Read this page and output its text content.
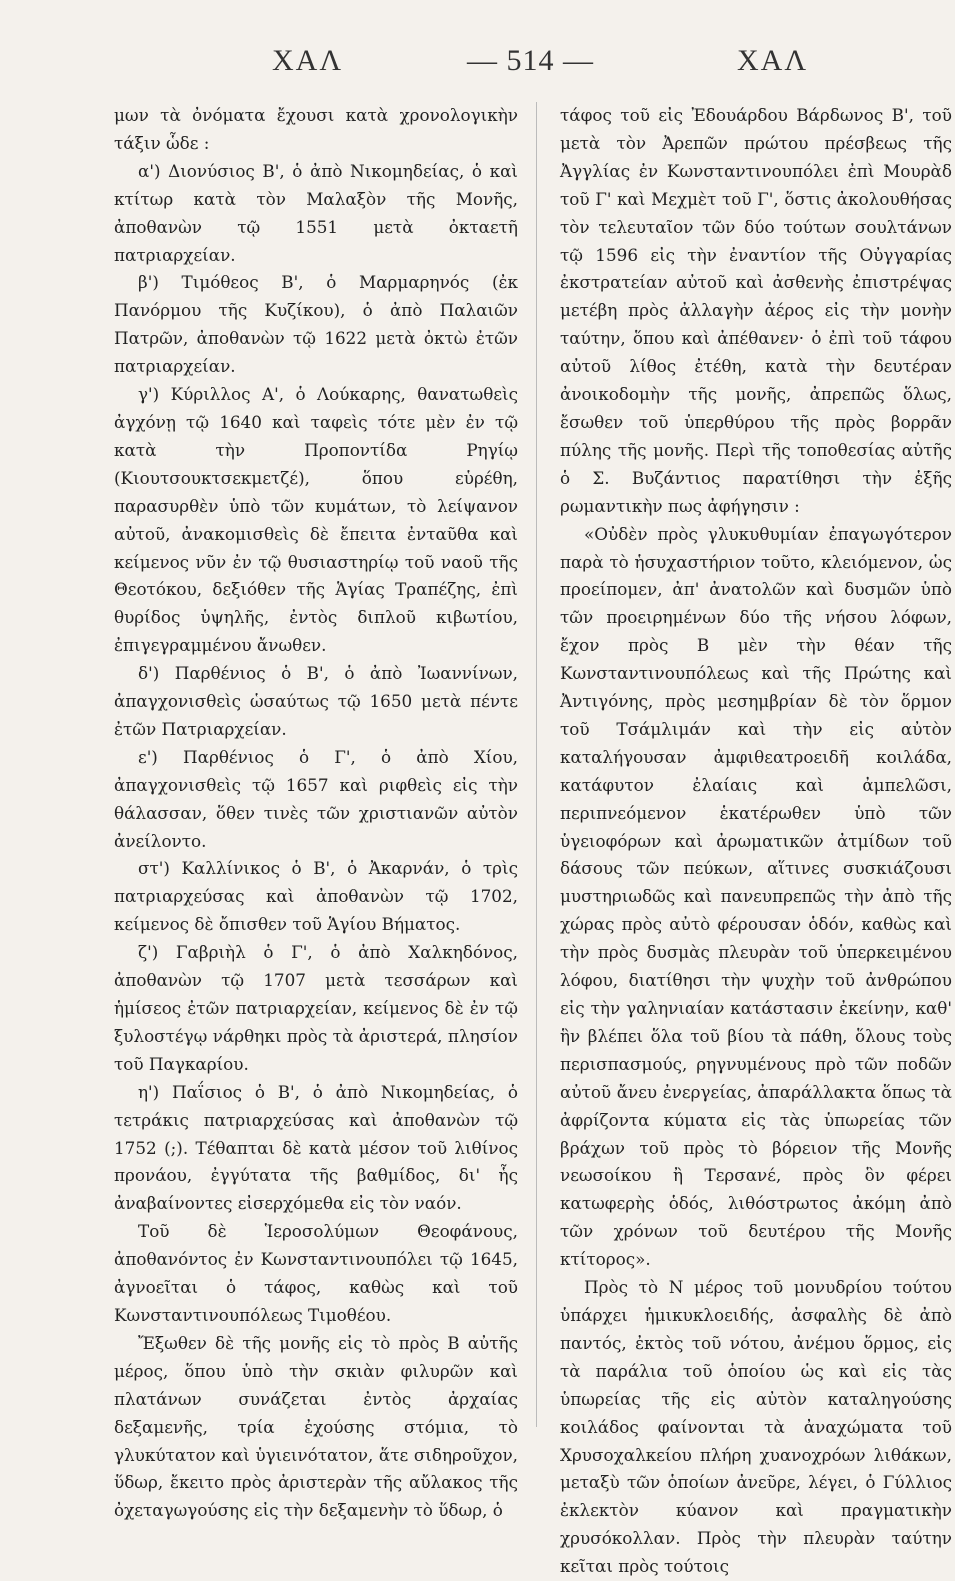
ΧΑΛ	— 514 —	ΧΑΛ

μων τὰ ὀνόματα ἔχουσι κατὰ χρονολογικὴν τάξιν ὧδε :

α') Διονύσιος Β', ὁ ἀπὸ Νικομηδείας, ὁ καὶ κτίτωρ κατὰ τὸν Μαλαξὸν τῆς Μονῆς, ἀποθανὼν τῷ 1551 μετὰ ὀκταετῆ πατριαρχείαν.

β') Τιμόθεος Β', ὁ Μαρμαρηνός (ἐκ Πανόρμου τῆς Κυζίκου), ὁ ἀπὸ Παλαιῶν Πατρῶν, ἀποθανὼν τῷ 1622 μετὰ ὀκτὼ ἐτῶν πατριαρχείαν.

γ') Κύριλλος Α', ὁ Λούκαρης, θανατωθεὶς ἀγχόνῃ τῷ 1640 καὶ ταφεὶς τότε μὲν ἐν τῷ κατὰ τὴν Προποντίδα Ρηγίῳ (Κιουτσουκτσεκμετζέ), ὅπου εὑρέθη, παρασυρθὲν ὑπὸ τῶν κυμάτων, τὸ λείψανον αὐτοῦ, ἀνακομισθεὶς δὲ ἔπειτα ἐνταῦθα καὶ κείμενος νῦν ἐν τῷ θυσιαστηρίῳ τοῦ ναοῦ τῆς Θεοτόκου, δεξιόθεν τῆς Ἁγίας Τραπέζης, ἐπὶ θυρίδος ὑψηλῆς, ἐντὸς διπλοῦ κιβωτίου, ἐπιγεγραμμένου ἄνωθεν.

δ') Παρθένιος ὁ Β', ὁ ἀπὸ Ἰωαννίνων, ἀπαγχονισθεὶς ὡσαύτως τῷ 1650 μετὰ πέντε ἐτῶν Πατριαρχείαν.

ε') Παρθένιος ὁ Γ', ὁ ἀπὸ Χίου, ἀπαγχονισθεὶς τῷ 1657 καὶ ριφθεὶς εἰς τὴν θάλασσαν, ὅθεν τινὲς τῶν χριστιανῶν αὐτὸν ἀνείλοντο.

στ') Καλλίνικος ὁ Β', ὁ Ἀκαρνάν, ὁ τρὶς πατριαρχεύσας καὶ ἀποθανὼν τῷ 1702, κείμενος δὲ ὄπισθεν τοῦ Ἁγίου Βήματος.

ζ') Γαβριὴλ ὁ Γ', ὁ ἀπὸ Χαλκηδόνος, ἀποθανὼν τῷ 1707 μετὰ τεσσάρων καὶ ἡμίσεος ἐτῶν πατριαρχείαν, κείμενος δὲ ἐν τῷ ξυλοστέγῳ νάρθηκι πρὸς τὰ ἀριστερά, πλησίον τοῦ Παγκαρίου.

η') Παΐσιος ὁ Β', ὁ ἀπὸ Νικομηδείας, ὁ τετράκις πατριαρχεύσας καὶ ἀποθανὼν τῷ 1752 (;). Τέθαπται δὲ κατὰ μέσον τοῦ λιθίνος προνάου, ἐγγύτατα τῆς βαθμίδος, δι' ἧς ἀναβαίνοντες εἰσερχόμεθα εἰς τὸν ναόν.

Τοῦ δὲ Ἱεροσολύμων Θεοφάνους, ἀποθανόντος ἐν Κωνσταντινουπόλει τῷ 1645, ἀγνοεῖται ὁ τάφος, καθὼς καὶ τοῦ Κωνσταντινουπόλεως Τιμοθέου.

Ἔξωθεν δὲ τῆς μονῆς εἰς τὸ πρὸς Β αὐτῆς μέρος, ὅπου ὑπὸ τὴν σκιὰν φιλυρῶν καὶ πλατάνων συνάζεται ἐντὸς ἀρχαίας δεξαμενῆς, τρία ἐχούσης στόμια, τὸ γλυκύτατον καὶ ὑγιεινότατον, ἅτε σιδηροῦχον, ὕδωρ, ἔκειτο πρὸς ἀριστερὰν τῆς αὔλακος τῆς ὀχεταγωγούσης εἰς τὴν δεξαμενὴν τὸ ὕδωρ, ὁ

τάφος τοῦ εἰς Ἐδουάρδου Βάρδωνος Β', τοῦ μετὰ τὸν Ἀρεπῶν πρώτου πρέσβεως τῆς Ἀγγλίας ἐν Κωνσταντινουπόλει ἐπὶ Μουρὰδ τοῦ Γ' καὶ Μεχμὲτ τοῦ Γ', ὅστις ἀκολουθήσας τὸν τελευταῖον τῶν δύο τούτων σουλτάνων τῷ 1596 εἰς τὴν ἐναντίον τῆς Οὐγγαρίας ἐκστρατείαν αὐτοῦ καὶ ἀσθενὴς ἐπιστρέψας μετέβη πρὸς ἀλλαγὴν ἀέρος εἰς τὴν μονὴν ταύτην, ὅπου καὶ ἀπέθανεν· ὁ ἐπὶ τοῦ τάφου αὐτοῦ λίθος ἐτέθη, κατὰ τὴν δευτέραν ἀνοικοδομὴν τῆς μονῆς, ἀπρεπῶς ὅλως, ἔσωθεν τοῦ ὑπερθύρου τῆς πρὸς βορρᾶν πύλης τῆς μονῆς. Περὶ τῆς τοποθεσίας αὐτῆς ὁ Σ. Βυζάντιος παρατίθησι τὴν ἑξῆς ρωμαντικὴν πως ἀφήγησιν :

«Οὐδὲν πρὸς γλυκυθυμίαν ἐπαγωγότερον παρὰ τὸ ἡσυχαστήριον τοῦτο, κλειόμενον, ὡς προείπομεν, ἀπ' ἀνατολῶν καὶ δυσμῶν ὑπὸ τῶν προειρημένων δύο τῆς νήσου λόφων, ἔχον πρὸς Β μὲν τὴν θέαν τῆς Κωνσταντινουπόλεως καὶ τῆς Πρώτης καὶ Ἀντιγόνης, πρὸς μεσημβρίαν δὲ τὸν ὅρμον τοῦ Τσάμλιμάν καὶ τὴν εἰς αὐτὸν καταλήγουσαν ἀμφιθεατροειδῆ κοιλάδα, κατάφυτον ἐλαίαις καὶ ἀμπελῶσι, περιπνεόμενον ἑκατέρωθεν ὑπὸ τῶν ὑγειοφόρων καὶ ἀρωματικῶν ἀτμίδων τοῦ δάσους τῶν πεύκων, αἵτινες συσκιάζουσι μυστηριωδῶς καὶ πανευπρεπῶς τὴν ἀπὸ τῆς χώρας πρὸς αὐτὸ φέρουσαν ὁδόν, καθὼς καὶ τὴν πρὸς δυσμὰς πλευρὰν τοῦ ὑπερκειμένου λόφου, διατίθησι τὴν ψυχὴν τοῦ ἀνθρώπου εἰς τὴν γαληνιαίαν κατάστασιν ἐκείνην, καθ' ἣν βλέπει ὅλα τοῦ βίου τὰ πάθη, ὅλους τοὺς περισπασμούς, ρηγνυμένους πρὸ τῶν ποδῶν αὐτοῦ ἄνευ ἐνεργείας, ἀπαράλλακτα ὅπως τὰ ἀφρίζοντα κύματα εἰς τὰς ὑπωρείας τῶν βράχων τοῦ πρὸς τὸ βόρειον τῆς Μονῆς νεωσοίκου ἢ Τερσανέ, πρὸς ὃν φέρει κατωφερὴς ὁδός, λιθόστρωτος ἀκόμη ἀπὸ τῶν χρόνων τοῦ δευτέρου τῆς Μονῆς κτίτορος».

Πρὸς τὸ Ν μέρος τοῦ μονυδρίου τούτου ὑπάρχει ἡμικυκλοειδής, ἀσφαλὴς δὲ ἀπὸ παντός, ἐκτὸς τοῦ νότου, ἀνέμου ὅρμος, εἰς τὰ παράλια τοῦ ὁποίου ὡς καὶ εἰς τὰς ὑπωρείας τῆς εἰς αὐτὸν καταληγούσης κοιλάδος φαίνονται τὰ ἀναχώματα τοῦ Χρυσοχαλκείου πλήρη χυανοχρόων λιθάκων, μεταξὺ τῶν ὁποίων ἀνεῦρε, λέγει, ὁ Γύλλιος ἐκλεκτὸν κύανον καὶ πραγματικὴν χρυσόκολλαν. Πρὸς τὴν πλευρὰν ταύτην κεῖται πρὸς τούτοις
